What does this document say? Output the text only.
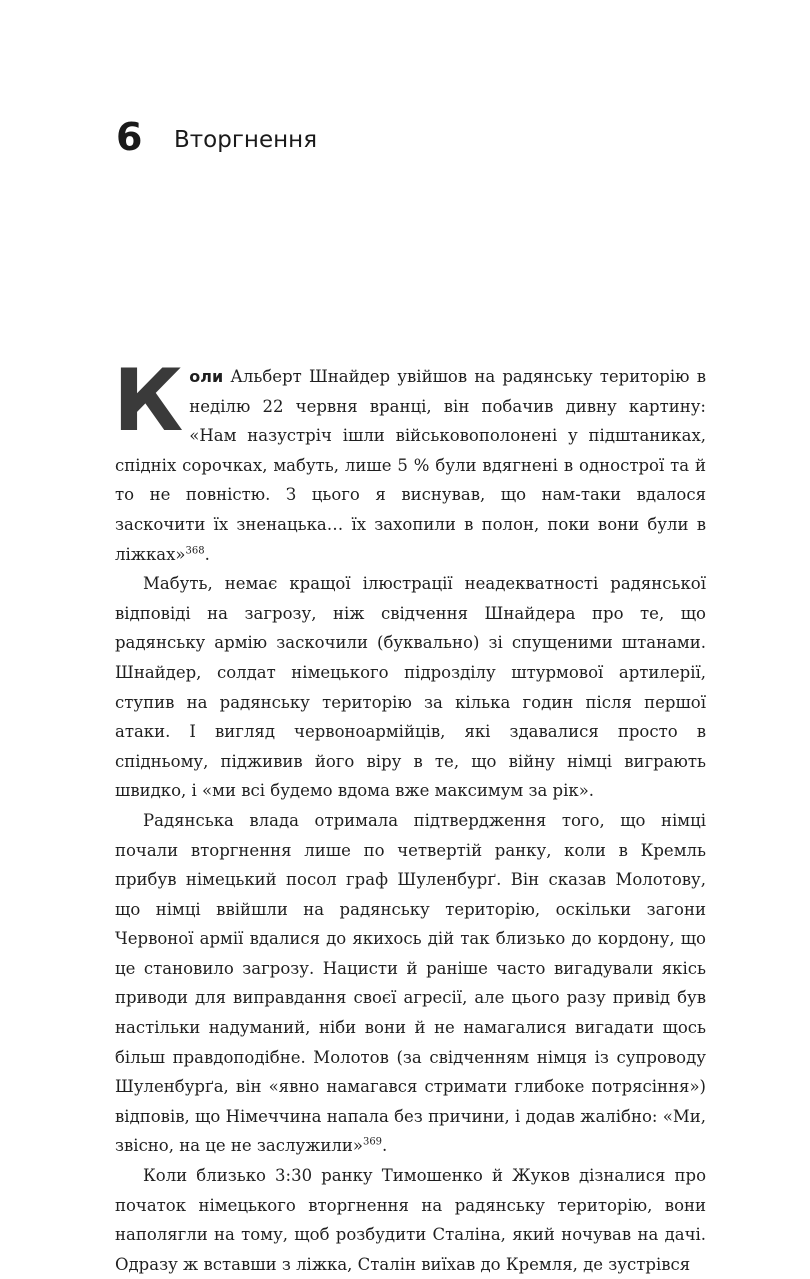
6 Вторгнення

Коли Альберт Шнайдер увійшов на радянську територію в неділю 22 червня вранці, він побачив дивну картину: «Нам назустріч ішли військовополонені у підштаниках, спідніх сорочках, мабуть, лише 5 % були вдягнені в однострої та й то не повністю. З цього я виснував, що нам-таки вдалося заскочити їх зненацька… їх захопили в полон, поки вони були в ліжках»$^{368}$.

Мабуть, немає кращої ілюстрації неадекватності радянської відповіді на загрозу, ніж свідчення Шнайдера про те, що радянську армію заскочили (буквально) зі спущеними штанами. Шнайдер, солдат німецького підрозділу штурмової артилерії, ступив на радянську територію за кілька годин після першої атаки. І вигляд червоноармійців, які здавалися просто в спідньому, підживив його віру в те, що війну німці виграють швидко, і «ми всі будемо вдома вже максимум за рік».

Радянська влада отримала підтвердження того, що німці почали вторгнення лише по четвертій ранку, коли в Кремль прибув німецький посол граф Шуленбурґ. Він сказав Молотову, що німці ввійшли на радянську територію, оскільки загони Червоної армії вдалися до якихось дій так близько до кордону, що це становило загрозу. Нацисти й раніше часто вигадували якісь приводи для виправдання своєї агресії, але цього разу привід був настільки надуманий, ніби вони й не намагалися вигадати щось більш правдоподібне. Молотов (за свідченням німця із супроводу Шуленбурґа, він «явно намагався стримати глибоке потрясіння») відповів, що Німеччина напала без причини, і додав жалібно: «Ми, звісно, на це не заслужили»$^{369}$.

Коли близько 3:30 ранку Тимошенко й Жуков дізналися про початок німецького вторгнення на радянську територію, вони наполягли на тому, щоб розбудити Сталіна, який ночував на дачі. Одразу ж вставши з ліжка, Сталін виїхав до Кремля, де зустрівся
